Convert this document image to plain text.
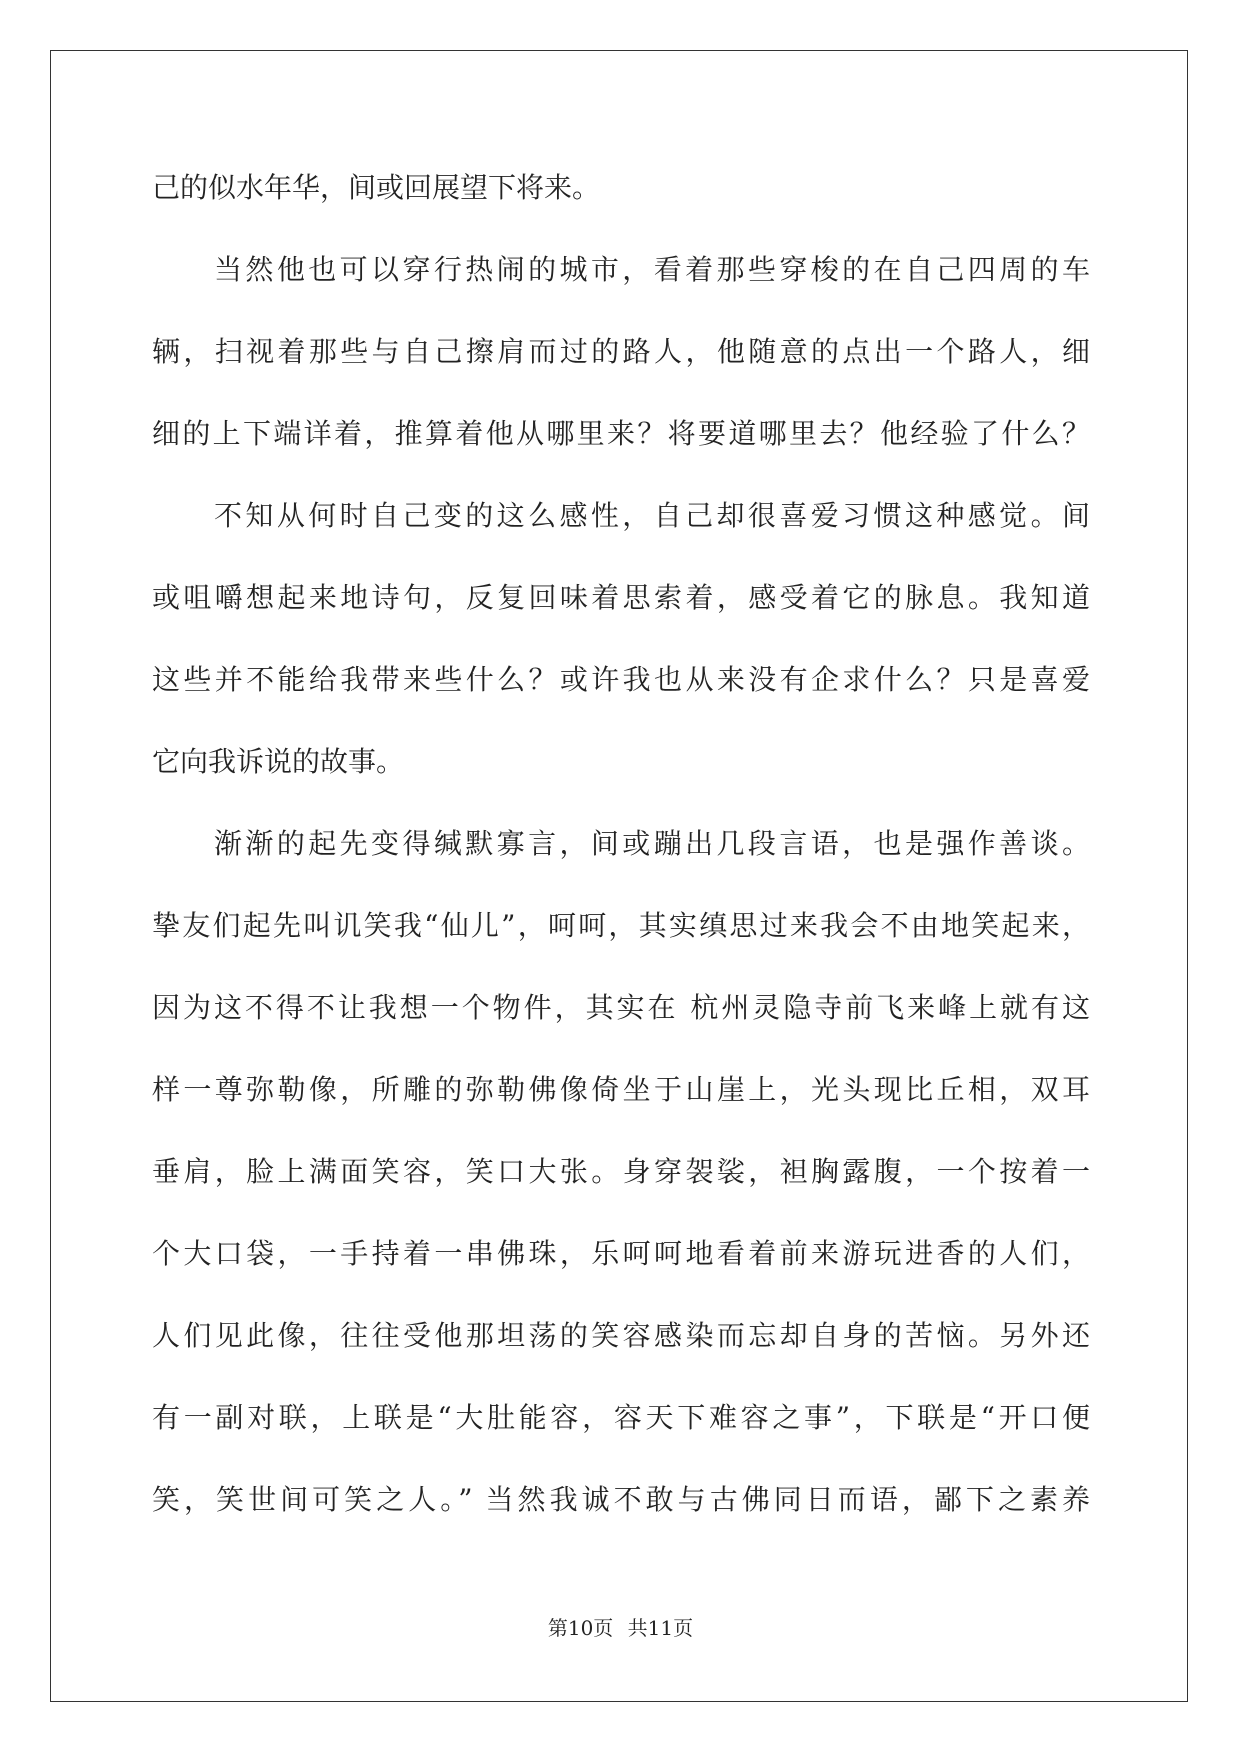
己的似水年华，间或回展望下将来。
当然他也可以穿行热闹的城市，看着那些穿梭的在自己四周的车
辆，扫视着那些与自己擦肩而过的路人，他随意的点出一个路人，细
细的上下端详着，推算着他从哪里来？将要道哪里去？他经验了什么？
不知从何时自己变的这么感性，自己却很喜爱习惯这种感觉。间
或咀嚼想起来地诗句，反复回味着思索着，感受着它的脉息。我知道
这些并不能给我带来些什么？或许我也从来没有企求什么？只是喜爱
它向我诉说的故事。
渐渐的起先变得缄默寡言，间或蹦出几段言语，也是强作善谈。
挚友们起先叫讥笑我“仙儿”，呵呵，其实缜思过来我会不由地笑起来，
因为这不得不让我想一个物件，其实在 杭州灵隐寺前飞来峰上就有这
样一尊弥勒像，所雕的弥勒佛像倚坐于山崖上，光头现比丘相，双耳
垂肩，脸上满面笑容，笑口大张。身穿袈裟，袒胸露腹，一个按着一
个大口袋，一手持着一串佛珠，乐呵呵地看着前来游玩进香的人们，
人们见此像，往往受他那坦荡的笑容感染而忘却自身的苦恼。另外还
有一副对联，上联是“大肚能容，容天下难容之事”，下联是“开口便
笑，笑世间可笑之人。” 当然我诚不敢与古佛同日而语，鄙下之素养
第10页 共11页
